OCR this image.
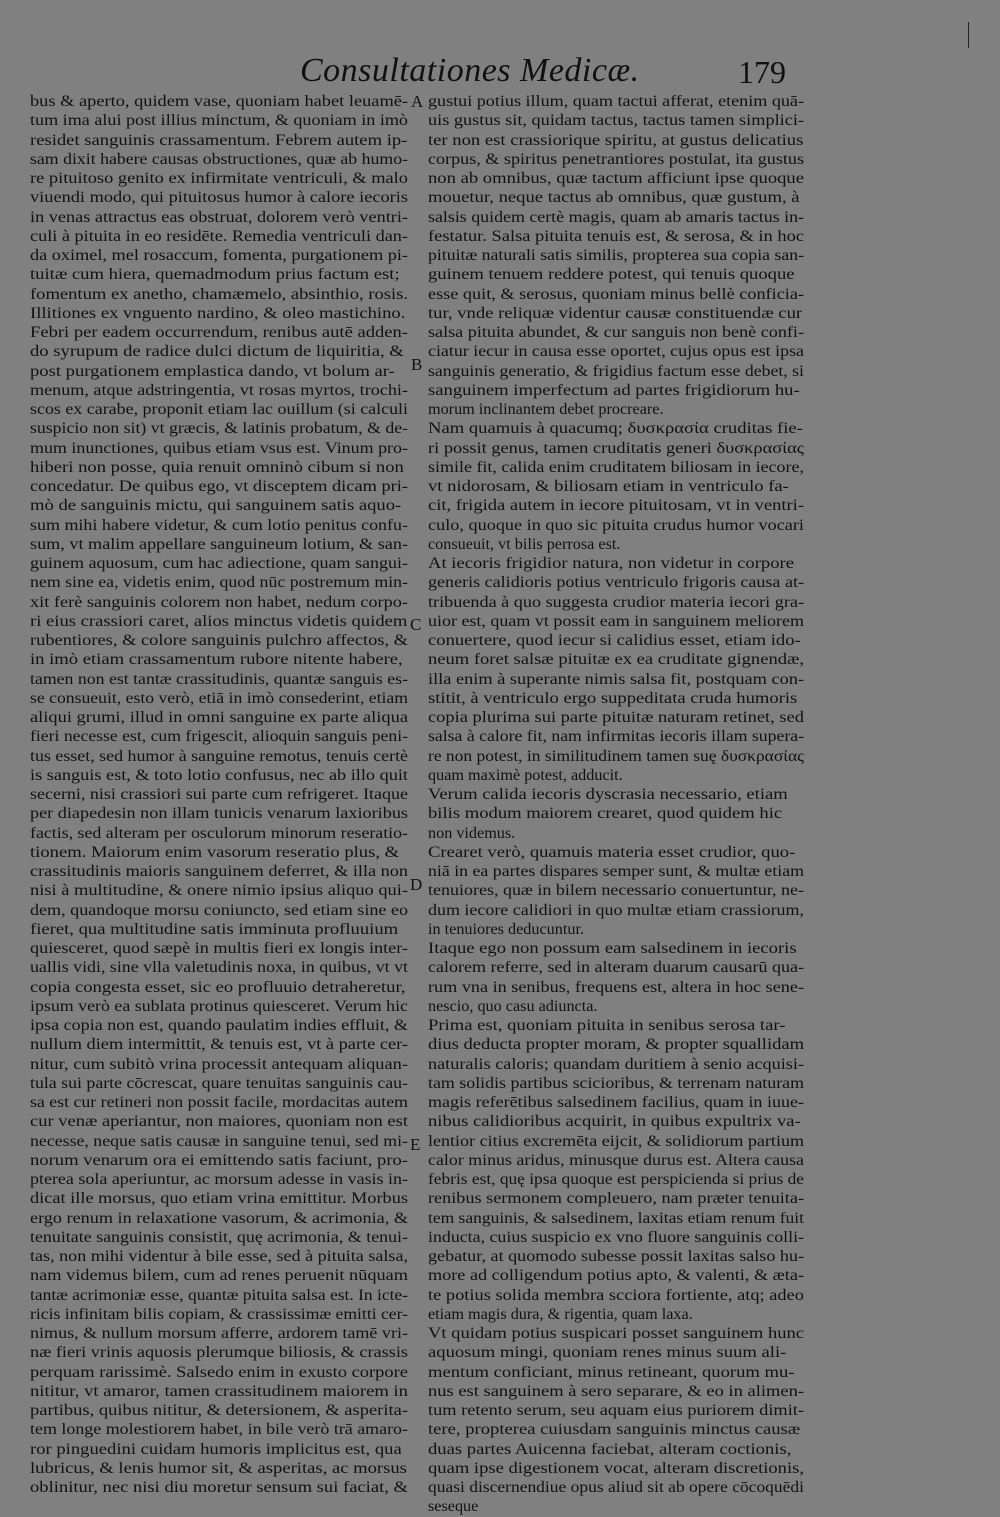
Consultationes Medicæ.	179
bus & aperto, quidem vase, quoniam habet leuamē-
tum ima alui post illius minctum, & quoniam in imò
residet sanguinis crassamentum. Febrem autem ip-
sam dixit habere causas obstructiones, quæ ab humo-
re pituitoso genito ex infirmitate ventriculi, & malo
viuendi modo, qui pituitosus humor à calore iecoris
in venas attractus eas obstruat, dolorem verò ventri-
culi à pituita in eo residēte. Remedia ventriculi dan-
da oximel, mel rosaccum, fomenta, purgationem pi-
tuitæ cum hiera, quemadmodum prius factum est;
fomentum ex anetho, chamæmelo, absinthio, rosis.
Illitiones ex vnguento nardino, & oleo mastichino.
Febri per eadem occurrendum, renibus autē adden-
do syrupum de radice dulci dictum de liquiritia, &
post purgationem emplastica dando, vt bolum ar-
menum, atque adstringentia, vt rosas myrtos, trochi-
scos ex carabe, proponit etiam lac ouillum (si calculi
suspicio non sit) vt græcis, & latinis probatum, & de-
mum inunctiones, quibus etiam vsus est. Vinum pro-
hiberi non posse, quia renuit omninò cibum si non
concedatur. De quibus ego, vt disceptem dicam pri-
mò de sanguinis mictu, qui sanguinem satis aquo-
sum mihi habere videtur, & cum lotio penitus confu-
sum, vt malim appellare sanguineum lotium, & san-
guinem aquosum, cum hac adiectione, quam sangui-
nem sine ea, videtis enim, quod nūc postremum min-
xit ferè sanguinis colorem non habet, nedum corpo-
ri eius crassiori caret, alios minctus videtis quidem
rubentiores, & colore sanguinis pulchro affectos, &
in imò etiam crassamentum rubore nitente habere,
tamen non est tantæ crassitudinis, quantæ sanguis es-
se consueuit, esto verò, etiā in imò consederint, etiam
aliqui grumi, illud in omni sanguine ex parte aliqua
fieri necesse est, cum frigescit, alioquin sanguis peni-
tus esset, sed humor à sanguine remotus, tenuis certè
is sanguis est, & toto lotio confusus, nec ab illo quit
secerni, nisi crassiori sui parte cum refrigeret. Itaque
per diapedesin non illam tunicis venarum laxioribus
factis, sed alteram per osculorum minorum reseratio-
tionem. Maiorum enim vasorum reseratio plus, &
crassitudinis maioris sanguinem deferret, & illa non
nisi à multitudine, & onere nimio ipsius aliquo qui-
dem, quandoque morsu coniuncto, sed etiam sine eo
fieret, qua multitudine satis imminuta profluuium
quiesceret, quod sæpè in multis fieri ex longis inter-
uallis vidi, sine vlla valetudinis noxa, in quibus, vt vt
copia congesta esset, sic eo profluuio detraheretur,
ipsum verò ea sublata protinus quiesceret. Verum hic
ipsa copia non est, quando paulatim indies effluit, &
nullum diem intermittit, & tenuis est, vt à parte cer-
nitur, cum subitò vrina processit antequam aliquan-
tula sui parte cōcrescat, quare tenuitas sanguinis cau-
sa est cur retineri non possit facile, mordacitas autem
cur venæ aperiantur, non maiores, quoniam non est
necesse, neque satis causæ in sanguine tenui, sed mi-
norum venarum ora ei emittendo satis faciunt, pro-
pterea sola aperiuntur, ac morsum adesse in vasis in-
dicat ille morsus, quo etiam vrina emittitur. Morbus
ergo renum in relaxatione vasorum, & acrimonia, &
tenuitate sanguinis consistit, quę acrimonia, & tenui-
tas, non mihi videntur à bile esse, sed à pituita salsa,
nam videmus bilem, cum ad renes peruenit nūquam
tantæ acrimoniæ esse, quantæ pituita salsa est. In icte-
ricis infinitam bilis copiam, & crassissimæ emitti cer-
nimus, & nullum morsum afferre, ardorem tamē vri-
næ fieri vrinis aquosis plerumque biliosis, & crassis
perquam rarissimè. Salsedo enim in exusto corpore
nititur, vt amaror, tamen crassitudinem maiorem in
partibus, quibus nititur, & detersionem, & asperita-
tem longe molestiorem habet, in bile verò trā amaro-
ror pinguedini cuidam humoris implicitus est, qua
lubricus, & lenis humor sit, & asperitas, ac morsus
oblinitur, nec nisi diu moretur sensum sui faciat, &
A
B
C
D
E
gustui potius illum, quam tactui afferat, etenim quā-
uis gustus sit, quidam tactus, tactus tamen simplici-
ter non est crassiorique spiritu, at gustus delicatius
corpus, & spiritus penetrantiores postulat, ita gustus
non ab omnibus, quæ tactum afficiunt ipse quoque
mouetur, neque tactus ab omnibus, quæ gustum, à
salsis quidem certè magis, quam ab amaris tactus in-
festatur. Salsa pituita tenuis est, & serosa, & in hoc
pituitæ naturali satis similis, propterea sua copia san-
guinem tenuem reddere potest, qui tenuis quoque
esse quit, & serosus, quoniam minus bellè conficia-
tur, vnde reliquæ videntur causæ constituendæ cur
salsa pituita abundet, & cur sanguis non benè confi-
ciatur iecur in causa esse oportet, cujus opus est ipsa
sanguinis generatio, & frigidius factum esse debet, si
sanguinem imperfectum ad partes frigidiorum hu-
morum inclinantem debet procreare.
Nam quamuis à quacumq; δυσκρασία cruditas fie-
ri possit genus, tamen cruditatis generi δυσκρασίας
simile fit, calida enim cruditatem biliosam in iecore,
vt nidorosam, & biliosam etiam in ventriculo fa-
cit, frigida autem in iecore pituitosam, vt in ventri-
culo, quoque in quo sic pituita crudus humor vocari
consueuit, vt bilis perrosa est.
At iecoris frigidior natura, non videtur in corpore
generis calidioris potius ventriculo frigoris causa at-
tribuenda à quo suggesta crudior materia iecori gra-
uior est, quam vt possit eam in sanguinem meliorem
conuertere, quod iecur si calidius esset, etiam ido-
neum foret salsæ pituitæ ex ea cruditate gignendæ,
illa enim à superante nimis salsa fit, postquam con-
stitit, à ventriculo ergo suppeditata cruda humoris
copia plurima sui parte pituitæ naturam retinet, sed
salsa à calore fit, nam infirmitas iecoris illam supera-
re non potest, in similitudinem tamen suę δυσκρασίας
quam maximè potest, adducit.
Verum calida iecoris dyscrasia necessario, etiam
bilis modum maiorem crearet, quod quidem hic
non videmus.
Crearet verò, quamuis materia esset crudior, quo-
niā in ea partes dispares semper sunt, & multæ etiam
tenuiores, quæ in bilem necessario conuertuntur, ne-
dum iecore calidiori in quo multæ etiam crassiorum,
in tenuiores deducuntur.
Itaque ego non possum eam salsedinem in iecoris
calorem referre, sed in alteram duarum causarū qua-
rum vna in senibus, frequens est, altera in hoc sene-
nescio, quo casu adiuncta.
Prima est, quoniam pituita in senibus serosa tar-
dius deducta propter moram, & propter squallidam
naturalis caloris; quandam duritiem à senio acquisi-
tam solidis partibus scicioribus, & terrenam naturam
magis referētibus salsedinem facilius, quam in iuue-
nibus calidioribus acquirit, in quibus expultrix va-
lentior citius excremēta eijcit, & solidiorum partium
calor minus aridus, minusque durus est. Altera causa
febris est, quę ipsa quoque est perspicienda si prius de
renibus sermonem compleuero, nam præter tenuita-
tem sanguinis, & salsedinem, laxitas etiam renum fuit
inducta, cuius suspicio ex vno fluore sanguinis colli-
gebatur, at quomodo subesse possit laxitas salso hu-
more ad colligendum potius apto, & valenti, & æta-
te potius solida membra scciora fortiente, atq; adeo
etiam magis dura, & rigentia, quam laxa.
Vt quidam potius suspicari posset sanguinem hunc
aquosum mingi, quoniam renes minus suum ali-
mentum conficiant, minus retineant, quorum mu-
nus est sanguinem à sero separare, & eo in alimen-
tum retento serum, seu aquam eius puriorem dimit-
tere, propterea cuiusdam sanguinis minctus causæ
duas partes Auicenna faciebat, alteram coctionis,
quam ipse digestionem vocat, alteram discretionis,
quasi discernendiue opus aliud sit ab opere cōcoquēdi
seseque
